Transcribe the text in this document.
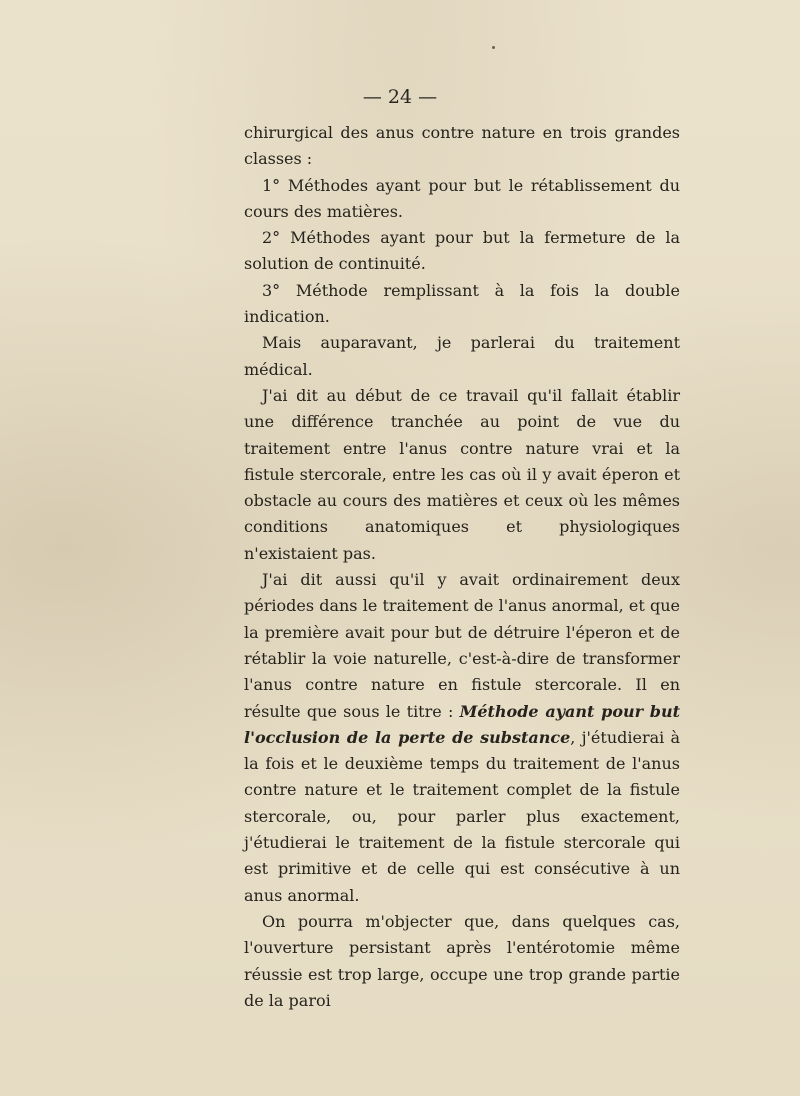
— 24 —

chirurgical des anus contre nature en trois grandes classes :

1° Méthodes ayant pour but le rétablissement du cours des matières.

2° Méthodes ayant pour but la fermeture de la solution de continuité.

3° Méthode remplissant à la fois la double indication.

Mais auparavant, je parlerai du traitement médical.

J'ai dit au début de ce travail qu'il fallait établir une différence tranchée au point de vue du traitement entre l'anus contre nature vrai et la fistule stercorale, entre les cas où il y avait éperon et obstacle au cours des matières et ceux où les mêmes conditions anatomiques et physiologiques n'existaient pas.

J'ai dit aussi qu'il y avait ordinairement deux périodes dans le traitement de l'anus anormal, et que la première avait pour but de détruire l'éperon et de rétablir la voie naturelle, c'est-à-dire de transformer l'anus contre nature en fistule stercorale. Il en résulte que sous le titre : Méthode ayant pour but l'occlusion de la perte de substance, j'étudierai à la fois et le deuxième temps du traitement de l'anus contre nature et le traitement complet de la fistule stercorale, ou, pour parler plus exactement, j'étudierai le traitement de la fistule stercorale qui est primitive et de celle qui est consécutive à un anus anormal.

On pourra m'objecter que, dans quelques cas, l'ouverture persistant après l'entérotomie même réussie est trop large, occupe une trop grande partie de la paroi
